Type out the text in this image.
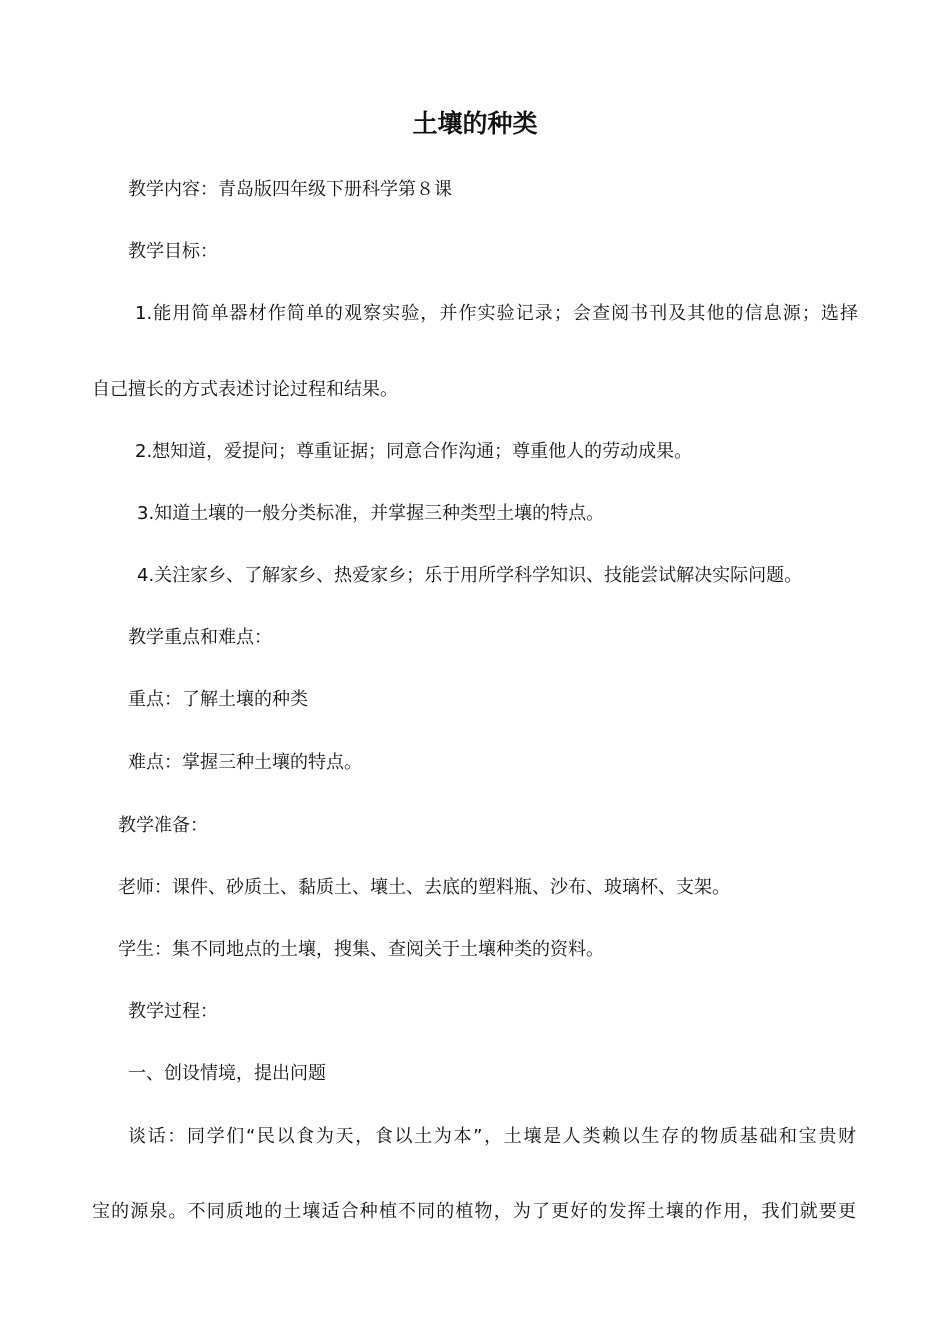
土壤的种类

教学内容：青岛版四年级下册科学第８课

教学目标：

1.能用简单器材作简单的观察实验，并作实验记录；会查阅书刊及其他的信息源；选择

自己擅长的方式表述讨论过程和结果。

2.想知道，爱提问；尊重证据；同意合作沟通；尊重他人的劳动成果。

3.知道土壤的一般分类标准，并掌握三种类型土壤的特点。

4.关注家乡、了解家乡、热爱家乡；乐于用所学科学知识、技能尝试解决实际问题。

教学重点和难点：

重点：了解土壤的种类

难点：掌握三种土壤的特点。

教学准备：

老师：课件、砂质土、黏质土、壤土、去底的塑料瓶、沙布、玻璃杯、支架。

学生：集不同地点的土壤，搜集、查阅关于土壤种类的资料。

教学过程：

一、创设情境，提出问题

谈话：同学们“民以食为天，食以土为本”，土壤是人类赖以生存的物质基础和宝贵财

宝的源泉。不同质地的土壤适合种植不同的植物，为了更好的发挥土壤的作用，我们就要更
